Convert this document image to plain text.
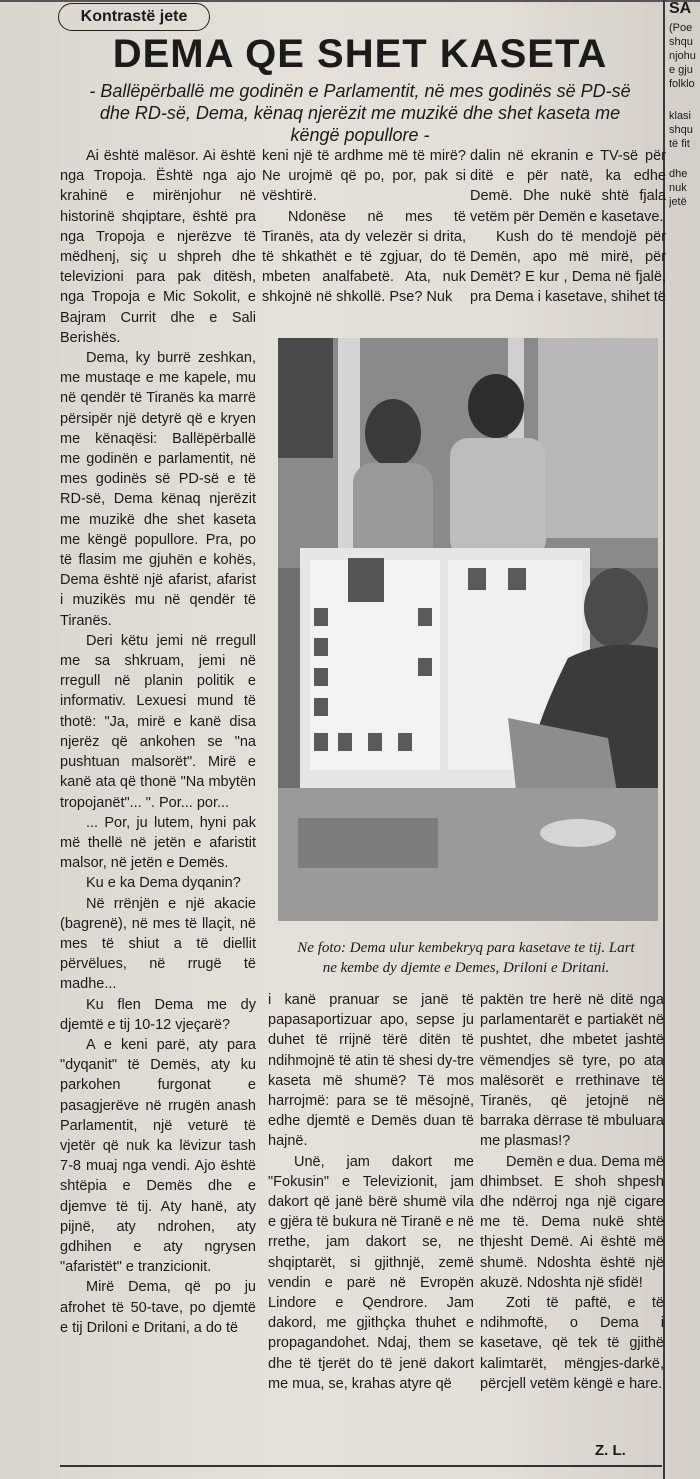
Kontrastë jete
DEMA QE SHET KASETA

- Ballëpërballë me godinën e Parlamentit, në mes godinës së PD-së

dhe RD-së, Dema, kënaq njerëzit me muzikë dhe shet kaseta me

këngë popullore -

Ai është malësor. Ai është nga Tropoja. Është nga ajo krahinë e mirënjohur në historinë shqiptare, është pra nga Tropoja e njerëzve të mëdhenj, siç u shpreh dhe televizioni para pak ditësh, nga Tropoja e Mic Sokolit, e Bajram Currit dhe e Sali Berishës.

Dema, ky burrë zeshkan, me mustaqe e me kapele, mu në qendër të Tiranës ka marrë përsipër një detyrë që e kryen me kënaqësi: Ballëpërballë me godinën e parlamentit, në mes godinës së PD-së e të RD-së, Dema kënaq njerëzit me muzikë dhe shet kaseta me këngë popullore. Pra, po të flasim me gjuhën e kohës, Dema është një afarist, afarist i muzikës mu në qendër të Tiranës.

Deri këtu jemi në rregull me sa shkruam, jemi në rregull në planin politik e informativ. Lexuesi mund të thotë: "Ja, mirë e kanë disa njerëz që ankohen se "na pushtuan malsorët". Mirë e kanë ata që thonë "Na mbytën tropojanët"... ". Por... por...

... Por, ju lutem, hyni pak më thellë në jetën e afaristit malsor, në jetën e Demës.

Ku e ka Dema dyqanin?

Në rrënjën e një akacie (bagrenë), në mes të llaçit, në mes të shiut a të diellit përvëlues, në rrugë të madhe...

Ku flen Dema me dy djemtë e tij 10-12 vjeçarë?

A e keni parë, aty para "dyqanit" të Demës, aty ku parkohen furgonat e pasagjerëve në rrugën anash Parlamentit, një veturë të vjetër që nuk ka lëvizur tash 7-8 muaj nga vendi. Ajo është shtëpia e Demës dhe e djemve të tij. Aty hanë, aty pijnë, aty ndrohen, aty gdhihen e aty ngrysen "afaristët" e tranzicionit.

Mirë Dema, që po ju afrohet të 50-tave, po djemtë e tij Driloni e Dritani, a do të

keni një të ardhme më të mirë? Ne urojmë që po, por, pak si vështirë.

Ndonëse në mes të Tiranës, ata dy velezër si drita, të shkathët e të zgjuar, do të mbeten analfabetë. Ata, nuk shkojnë në shkollë. Pse? Nuk

dalin në ekranin e TV-së për ditë e për natë, ka edhe Demë. Dhe nukë shtë fjala vetëm për Demën e kasetave.

Kush do të mendojë për Demën, apo më mirë, për Demët? E kur , Dema në fjalë, pra Dema i kasetave, shihet të

Ne foto: Dema ulur kembekryq para kasetave te tij. Lart

ne kembe dy djemte e Demes, Driloni e Dritani.

i kanë pranuar se janë të papasaportizuar apo, sepse ju duhet të rrijnë tërë ditën të ndihmojnë të atin të shesi dy-tre kaseta më shumë? Të mos harrojmë: para se të mësojnë, edhe djemtë e Demës duan të hajnë.

Unë, jam dakort me "Fokusin" e Televizionit, jam dakort që janë bërë shumë vila e gjëra të bukura në Tiranë e në rrethe, jam dakort se, ne shqiptarët, si gjithnjë, zemë vendin e parë në Evropën Lindore e Qendrore. Jam dakord, me gjithçka thuhet e propagandohet. Ndaj, them se dhe të tjerët do të jenë dakort me mua, se, krahas atyre që

paktën tre herë në ditë nga parlamentarët e partiakët në pushtet, dhe mbetet jashtë vëmendjes së tyre, po ata malësorët e rrethinave të Tiranës, që jetojnë në barraka dërrase të mbuluara me plasmas!?

Demën e dua. Dema më dhimbset. E shoh shpesh dhe ndërroj nga një cigare me të. Dema nukë shtë thjesht Demë. Ai është më shumë. Ndoshta është një akuzë. Ndoshta një sfidë!

Zoti të paftë, e të ndihmoftë, o Dema i kasetave, që tek të gjithë kalimtarët, mëngjes-darkë, përcjell vetëm këngë e hare.

Z. L.
SA
(Poe
shqu
njohu
e gju
folklo
klasi
shqu
të fit
dhe
nuk
jetë
